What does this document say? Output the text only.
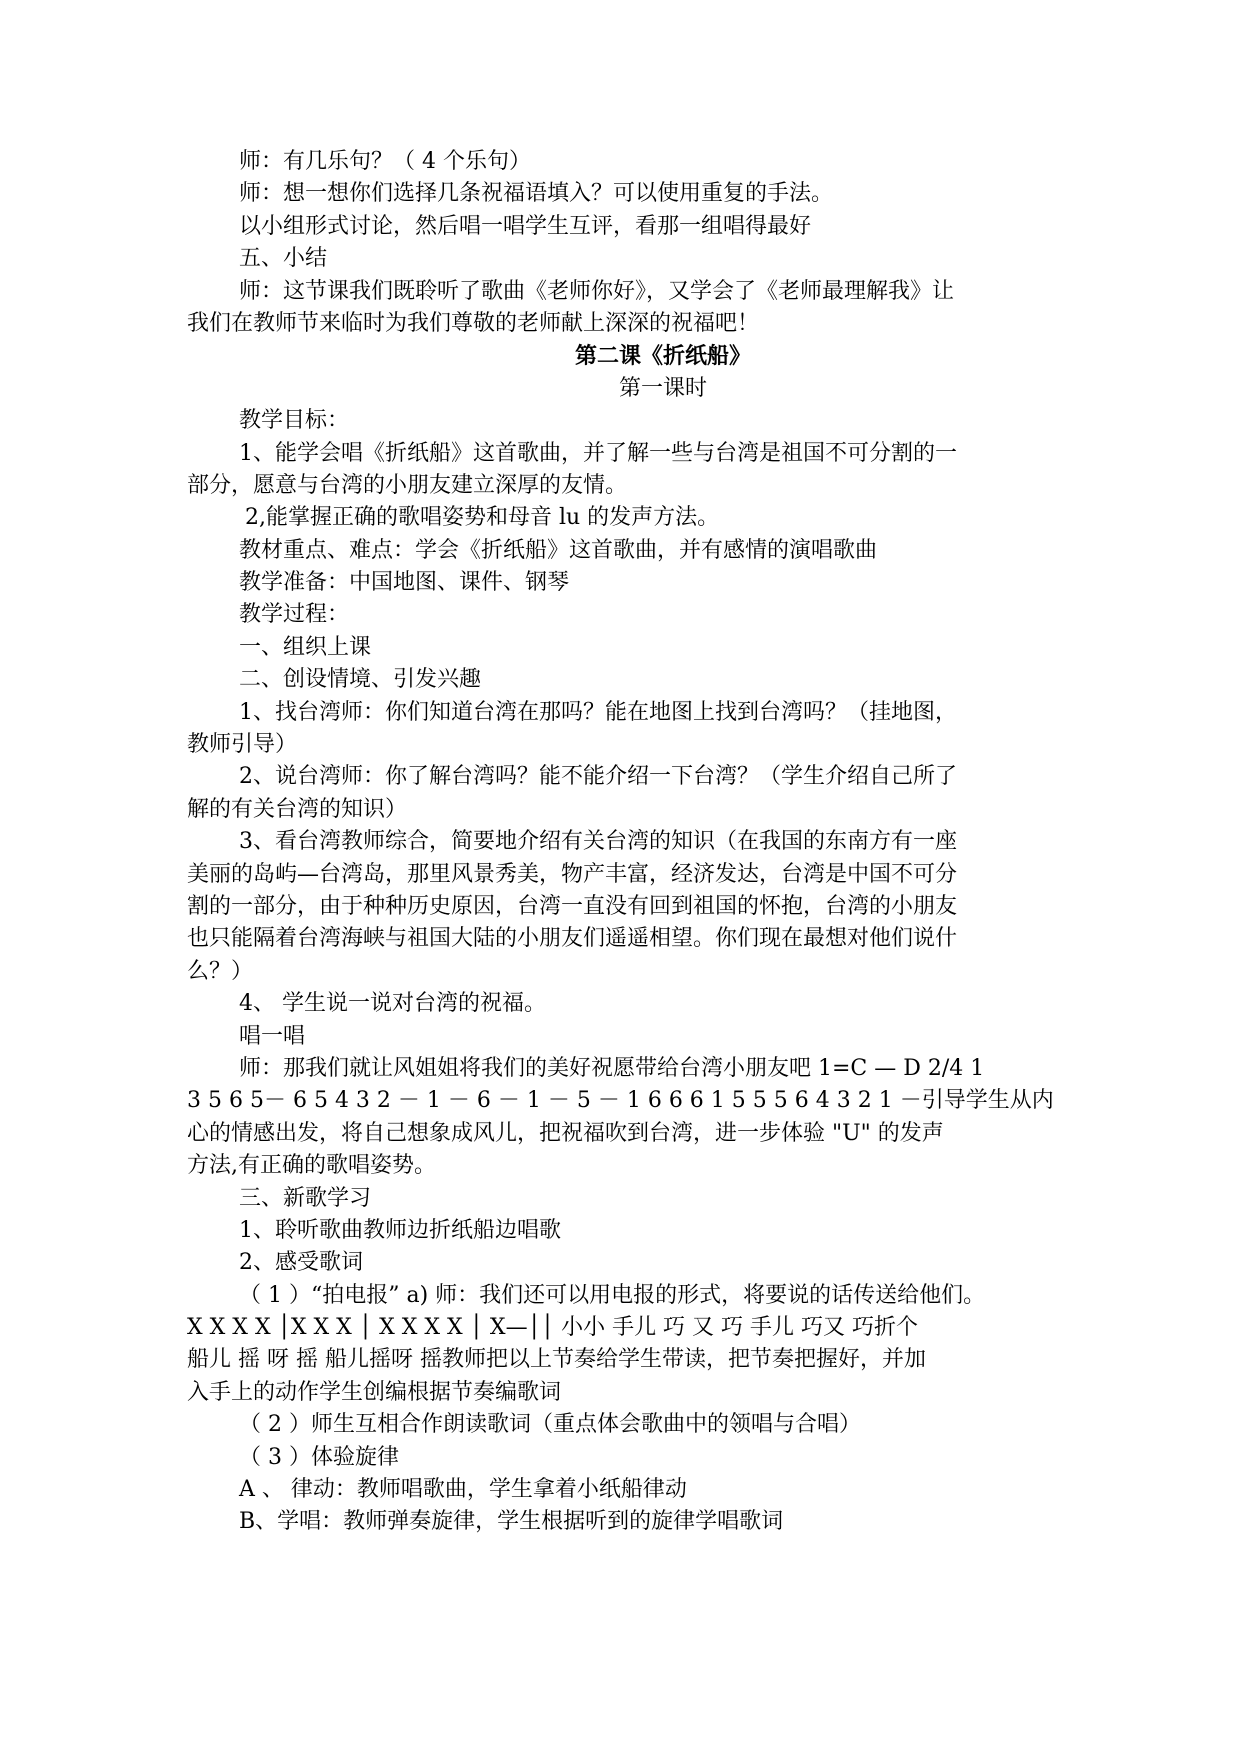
师：有几乐句？（ 4 个乐句）
师：想一想你们选择几条祝福语填入？可以使用重复的手法。
以小组形式讨论，然后唱一唱学生互评，看那一组唱得最好
五、小结
师：这节课我们既聆听了歌曲《老师你好》，又学会了《老师最理解我》让
我们在教师节来临时为我们尊敬的老师献上深深的祝福吧！
第二课《折纸船》
第一课时
教学目标：
1、能学会唱《折纸船》这首歌曲，并了解一些与台湾是祖国不可分割的一
部分，愿意与台湾的小朋友建立深厚的友情。
2,能掌握正确的歌唱姿势和母音 lu 的发声方法。
教材重点、难点：学会《折纸船》这首歌曲，并有感情的演唱歌曲
教学准备：中国地图、课件、钢琴
教学过程：
一、组织上课
二、创设情境、引发兴趣
1、找台湾师：你们知道台湾在那吗？能在地图上找到台湾吗？（挂地图，
教师引导）
2、说台湾师：你了解台湾吗？能不能介绍一下台湾？（学生介绍自己所了
解的有关台湾的知识）
3、看台湾教师综合，简要地介绍有关台湾的知识（在我国的东南方有一座
美丽的岛屿—台湾岛，那里风景秀美，物产丰富，经济发达，台湾是中国不可分
割的一部分，由于种种历史原因，台湾一直没有回到祖国的怀抱，台湾的小朋友
也只能隔着台湾海峡与祖国大陆的小朋友们遥遥相望。你们现在最想对他们说什
么？）
4、 学生说一说对台湾的祝福。
唱一唱
师：那我们就让风姐姐将我们的美好祝愿带给台湾小朋友吧 1=C — D 2/4 1
3 5 6 5－ 6 5 4 3 2 － 1 － 6 － 1 － 5 － 1 6 6 6 1 5 5 5 6 4 3 2 1 －引导学生从内
心的情感出发，将自己想象成风儿，把祝福吹到台湾，进一步体验 "U" 的发声
方法,有正确的歌唱姿势。
三、新歌学习
1、聆听歌曲教师边折纸船边唱歌
2、感受歌词
（ 1 ）“拍电报” a) 师：我们还可以用电报的形式，将要说的话传送给他们。
X X X X │X X X │ X X X X │ X—││ 小小 手儿 巧 又 巧 手儿 巧又 巧折个
船儿 摇 呀 摇 船儿摇呀 摇教师把以上节奏给学生带读，把节奏把握好，并加
入手上的动作学生创编根据节奏编歌词
（ 2 ）师生互相合作朗读歌词（重点体会歌曲中的领唱与合唱）
（ 3 ）体验旋律
A 、 律动：教师唱歌曲，学生拿着小纸船律动
B、学唱：教师弹奏旋律，学生根据听到的旋律学唱歌词
